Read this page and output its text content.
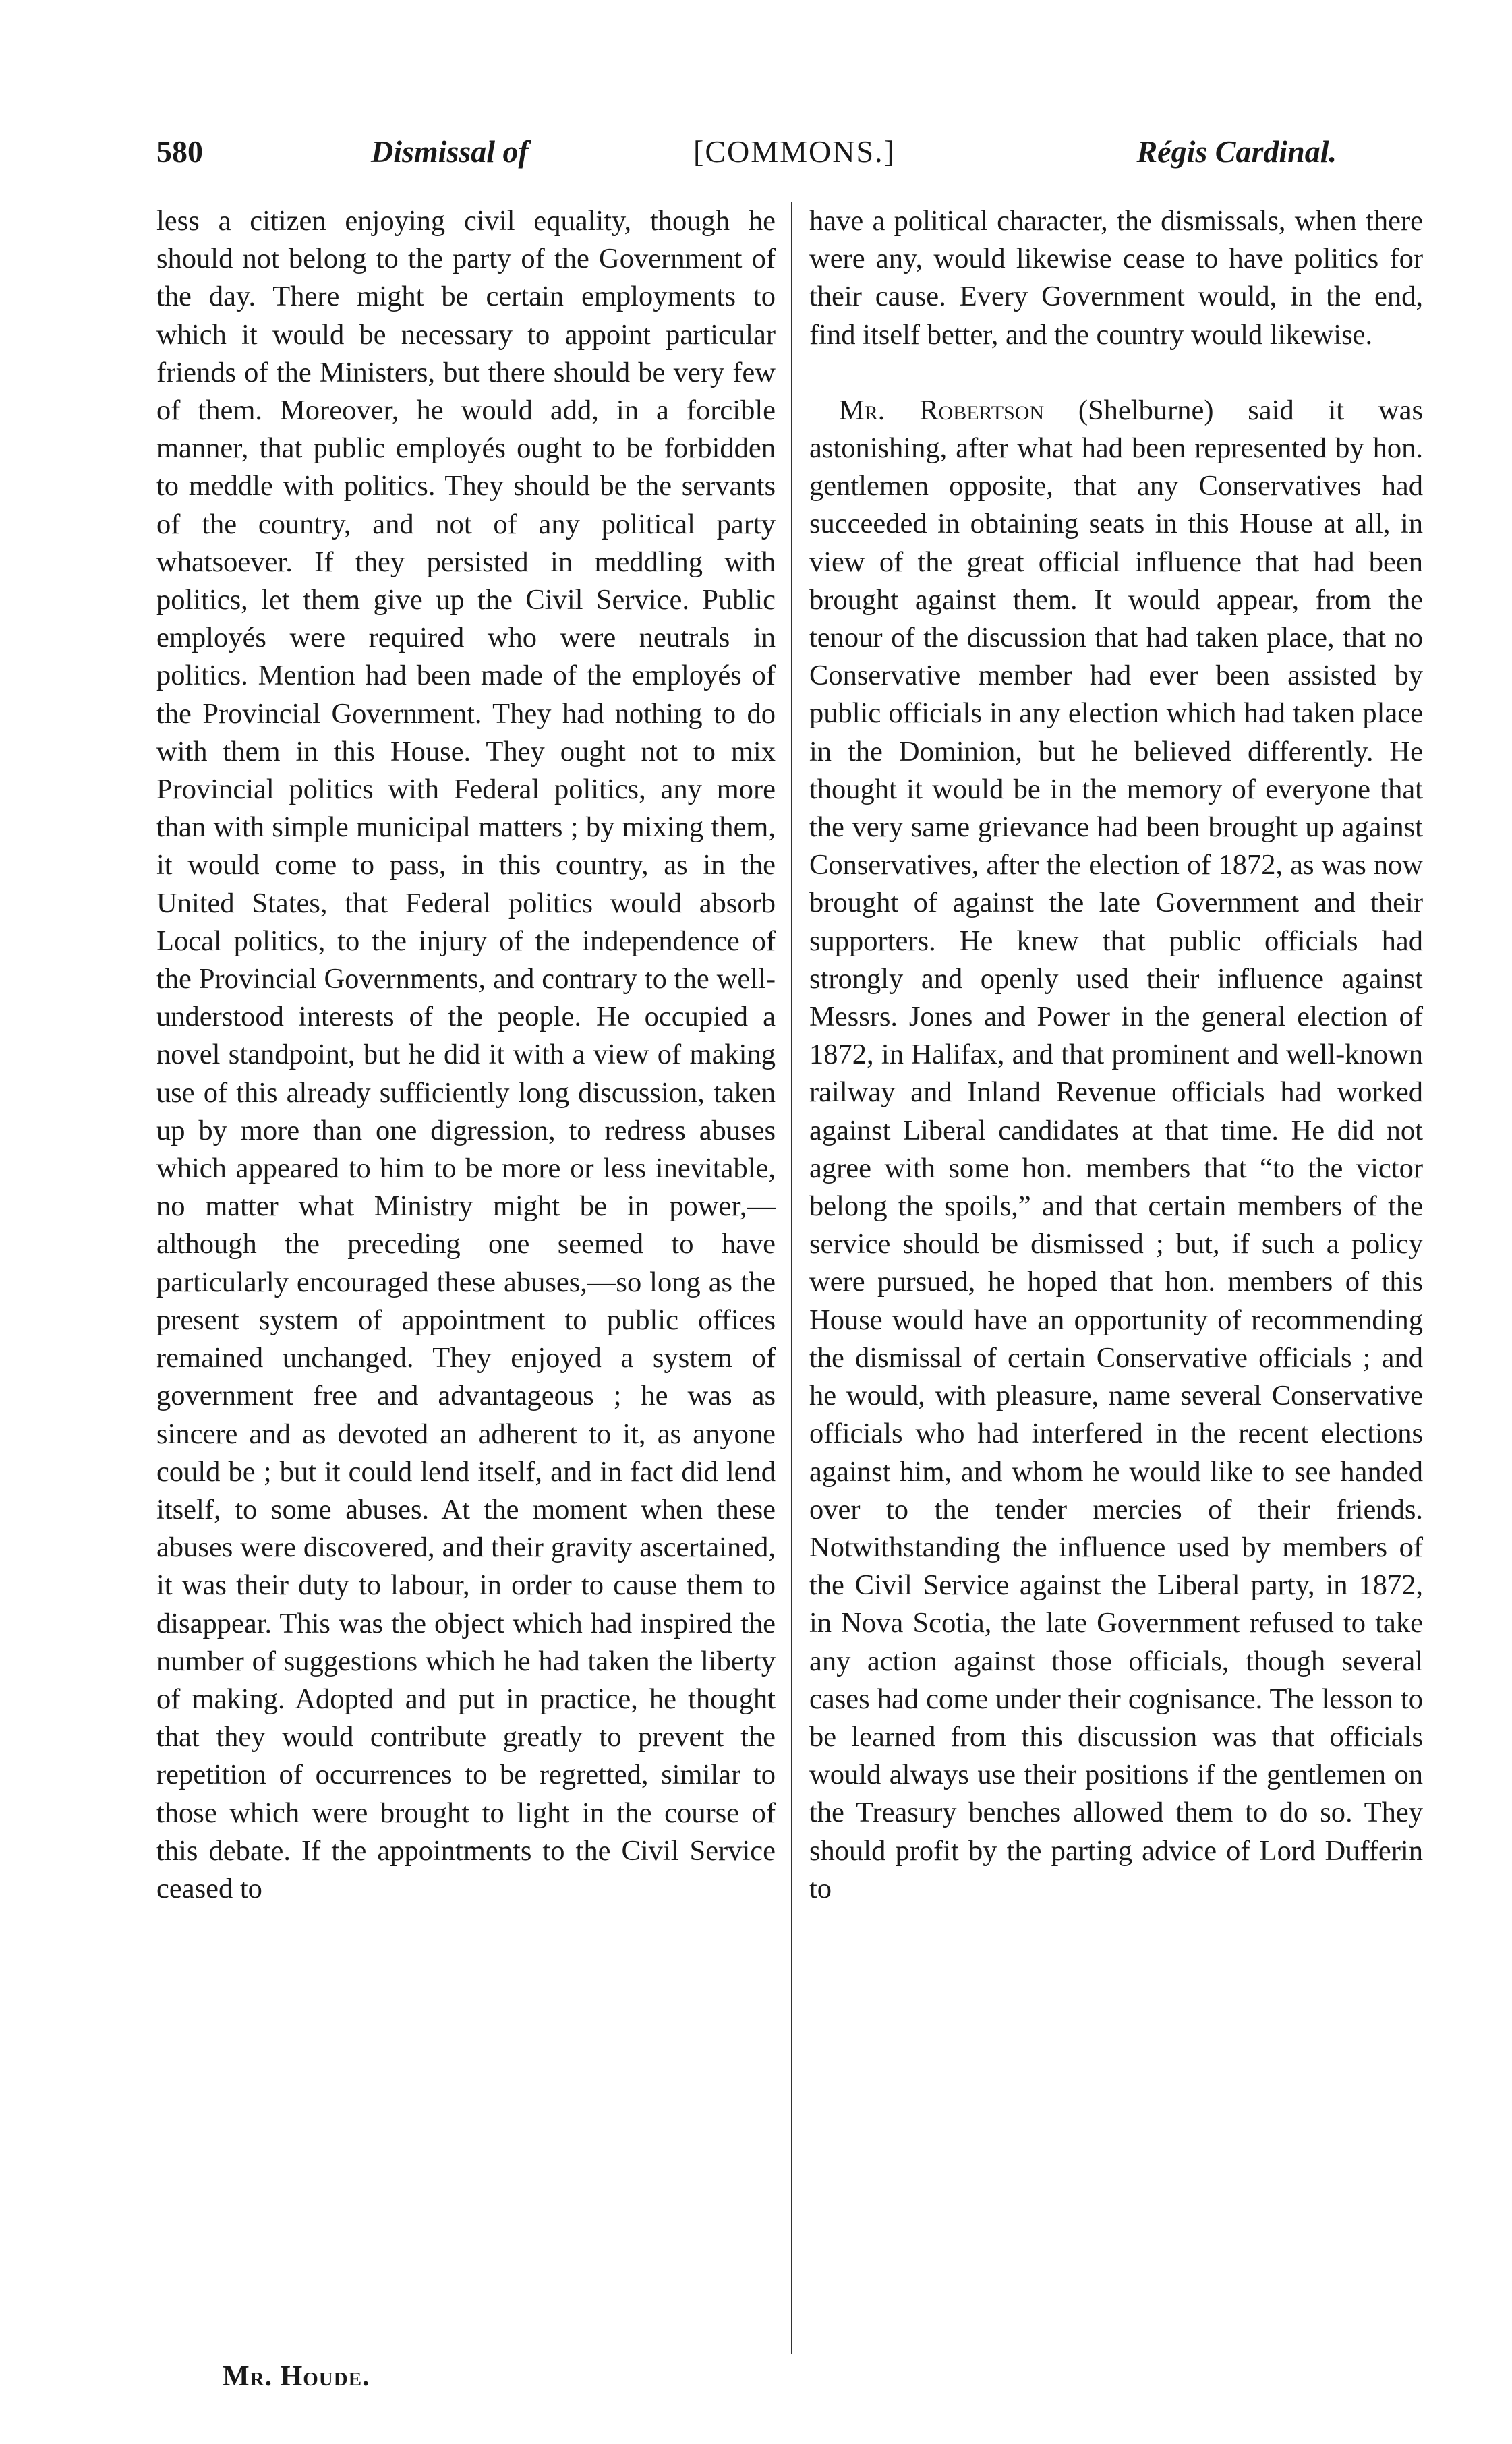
580	Dismissal of	[COMMONS.]	Régis Cardinal.

less a citizen enjoying civil equality, though he should not belong to the party of the Government of the day. There might be certain employments to which it would be necessary to appoint particular friends of the Ministers, but there should be very few of them. Moreover, he would add, in a forcible manner, that public employés ought to be forbidden to meddle with politics. They should be the servants of the country, and not of any political party whatsoever. If they persisted in meddling with politics, let them give up the Civil Service. Public employés were required who were neutrals in politics. Mention had been made of the employés of the Provincial Government. They had nothing to do with them in this House. They ought not to mix Provincial politics with Federal politics, any more than with simple municipal matters ; by mixing them, it would come to pass, in this country, as in the United States, that Federal politics would absorb Local politics, to the injury of the independence of the Provincial Governments, and contrary to the well-understood interests of the people. He occupied a novel standpoint, but he did it with a view of making use of this already sufficiently long discussion, taken up by more than one digression, to redress abuses which appeared to him to be more or less inevitable, no matter what Ministry might be in power,—although the preceding one seemed to have particularly encouraged these abuses,—so long as the present system of appointment to public offices remained unchanged. They enjoyed a system of government free and advantageous ; he was as sincere and as devoted an adherent to it, as anyone could be ; but it could lend itself, and in fact did lend itself, to some abuses. At the moment when these abuses were discovered, and their gravity ascertained, it was their duty to labour, in order to cause them to disappear. This was the object which had inspired the number of suggestions which he had taken the liberty of making. Adopted and put in practice, he thought that they would contribute greatly to prevent the repetition of occurrences to be regretted, similar to those which were brought to light in the course of this debate. If the appointments to the Civil Service ceased to

have a political character, the dismissals, when there were any, would likewise cease to have politics for their cause. Every Government would, in the end, find itself better, and the country would likewise.

Mr. Robertson (Shelburne) said it was astonishing, after what had been represented by hon. gentlemen opposite, that any Conservatives had succeeded in obtaining seats in this House at all, in view of the great official influence that had been brought against them. It would appear, from the tenour of the discussion that had taken place, that no Conservative member had ever been assisted by public officials in any election which had taken place in the Dominion, but he believed differently. He thought it would be in the memory of everyone that the very same grievance had been brought up against Conservatives, after the election of 1872, as was now brought of against the late Government and their supporters. He knew that public officials had strongly and openly used their influence against Messrs. Jones and Power in the general election of 1872, in Halifax, and that prominent and well-known railway and Inland Revenue officials had worked against Liberal candidates at that time. He did not agree with some hon. members that “to the victor belong the spoils,” and that certain members of the service should be dismissed ; but, if such a policy were pursued, he hoped that hon. members of this House would have an opportunity of recommending the dismissal of certain Conservative officials ; and he would, with pleasure, name several Conservative officials who had interfered in the recent elections against him, and whom he would like to see handed over to the tender mercies of their friends. Notwithstanding the influence used by members of the Civil Service against the Liberal party, in 1872, in Nova Scotia, the late Government refused to take any action against those officials, though several cases had come under their cognisance. The lesson to be learned from this discussion was that officials would always use their positions if the gentlemen on the Treasury benches allowed them to do so. They should profit by the parting advice of Lord Dufferin to

Mr. Houde.
